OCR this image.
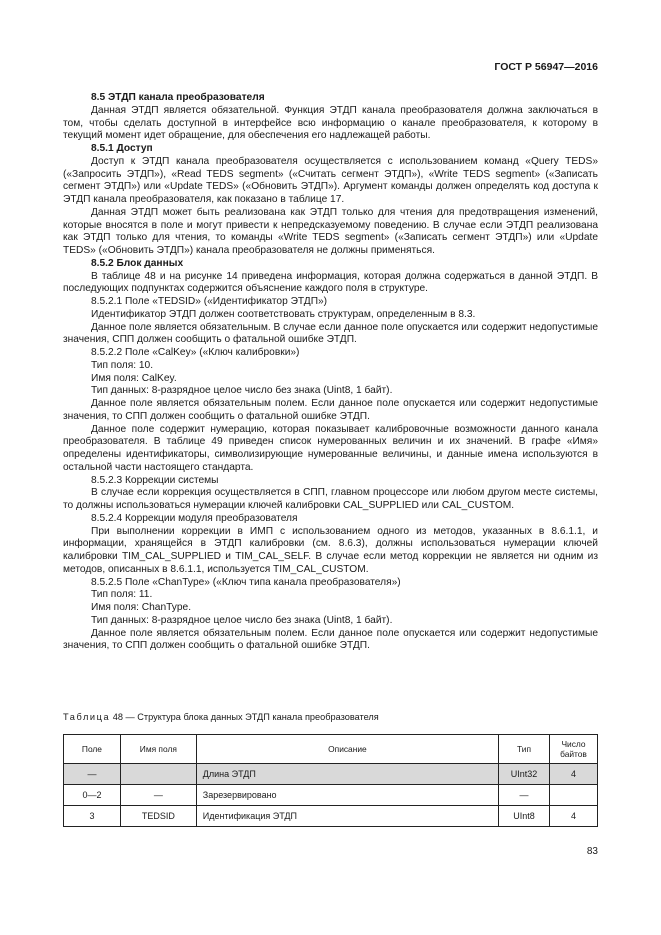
ГОСТ Р 56947—2016

8.5 ЭТДП канала преобразователя

Данная ЭТДП является обязательной. Функция ЭТДП канала преобразователя должна заключаться в том, чтобы сделать доступной в интерфейсе всю информацию о канале преобразователя, к которому в текущий момент идет обращение, для обеспечения его надлежащей работы.

8.5.1 Доступ

Доступ к ЭТДП канала преобразователя осуществляется с использованием команд «Query TEDS» («Запросить ЭТДП»), «Read TEDS segment» («Считать сегмент ЭТДП»), «Write TEDS segment» («Записать сегмент ЭТДП») или «Update TEDS» («Обновить ЭТДП»). Аргумент команды должен определять код доступа к ЭТДП канала преобразователя, как показано в таблице 17.

Данная ЭТДП может быть реализована как ЭТДП только для чтения для предотвращения изменений, которые вносятся в поле и могут привести к непредсказуемому поведению. В случае если ЭТДП реализована как ЭТДП только для чтения, то команды «Write TEDS segment» («Записать сегмент ЭТДП») или «Update TEDS» («Обновить ЭТДП») канала преобразователя не должны применяться.

8.5.2 Блок данных

В таблице 48 и на рисунке 14 приведена информация, которая должна содержаться в данной ЭТДП. В последующих подпунктах содержится объяснение каждого поля в структуре.

8.5.2.1 Поле «TEDSID» («Идентификатор ЭТДП»)

Идентификатор ЭТДП должен соответствовать структурам, определенным в 8.3.

Данное поле является обязательным. В случае если данное поле опускается или содержит недопустимые значения, СПП должен сообщить о фатальной ошибке ЭТДП.

8.5.2.2 Поле «CalKey» («Ключ калибровки»)

Тип поля: 10.

Имя поля: CalKey.

Тип данных: 8-разрядное целое число без знака (Uint8, 1 байт).

Данное поле является обязательным полем. Если данное поле опускается или содержит недопустимые значения, то СПП должен сообщить о фатальной ошибке ЭТДП.

Данное поле содержит нумерацию, которая показывает калибровочные возможности данного канала преобразователя. В таблице 49 приведен список нумерованных величин и их значений. В графе «Имя» определены идентификаторы, символизирующие нумерованные величины, и данные имена используются в остальной части настоящего стандарта.

8.5.2.3 Коррекции системы

В случае если коррекция осуществляется в СПП, главном процессоре или любом другом месте системы, то должны использоваться нумерации ключей калибровки CAL_SUPPLIED или CAL_CUSTOM.

8.5.2.4 Коррекции модуля преобразователя

При выполнении коррекции в ИМП с использованием одного из методов, указанных в 8.6.1.1, и информации, хранящейся в ЭТДП калибровки (см. 8.6.3), должны использоваться нумерации ключей калибровки TIM_CAL_SUPPLIED и TIM_CAL_SELF. В случае если метод коррекции не является ни одним из методов, описанных в 8.6.1.1, используется TIM_CAL_CUSTOM.

8.5.2.5 Поле «ChanType» («Ключ типа канала преобразователя»)

Тип поля: 11.

Имя поля: ChanType.

Тип данных: 8-разрядное целое число без знака (Uint8, 1 байт).

Данное поле является обязательным полем. Если данное поле опускается или содержит недопустимые значения, то СПП должен сообщить о фатальной ошибке ЭТДП.

Таблица 48 — Структура блока данных ЭТДП канала преобразователя
Поле	Имя поля	Описание	Тип	Число байтов
—		Длина ЭТДП	UInt32	4
0—2	—	Зарезервировано	—	
3	TEDSID	Идентификация ЭТДП	UInt8	4
83
